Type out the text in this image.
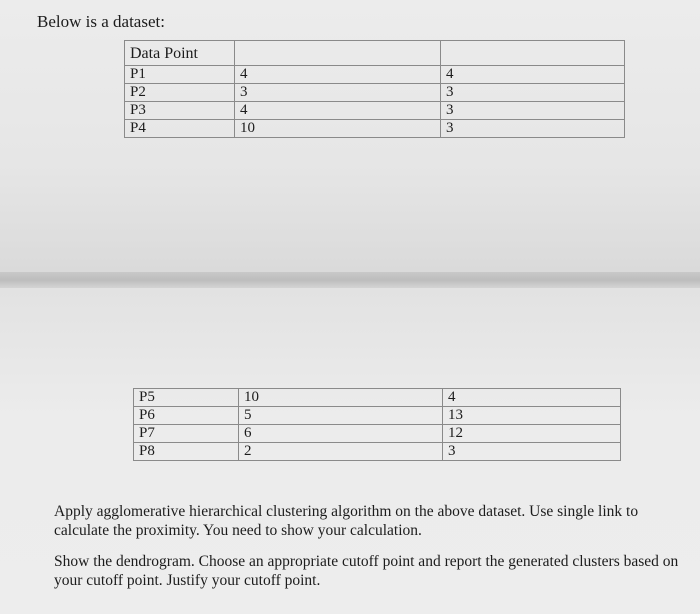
Below is a dataset:
Data Point		
P1	4	4
P2	3	3
P3	4	3
P4	10	3
P5	10	4
P6	5	13
P7	6	12
P8	2	3

Apply agglomerative hierarchical clustering algorithm on the above dataset. Use single link to calculate the proximity. You need to show your calculation.

Show the dendrogram. Choose an appropriate cutoff point and report the generated clusters based on your cutoff point. Justify your cutoff point.
